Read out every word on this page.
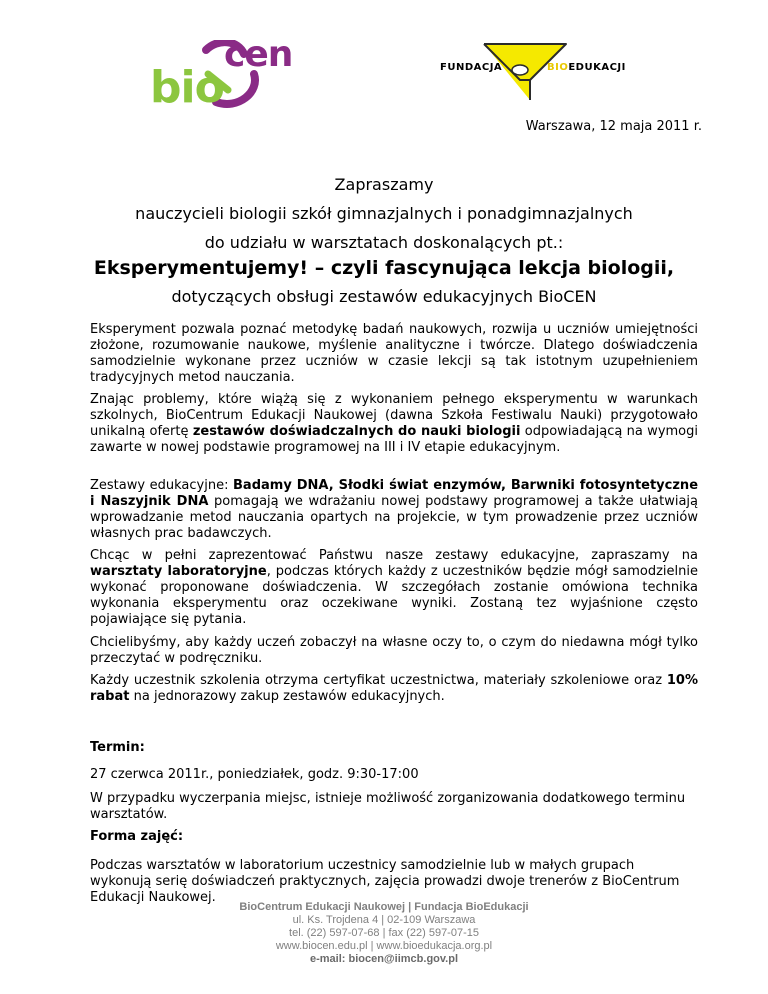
bio
cen	FUNDACJA	BIOEDUKACJI
Warszawa, 12 maja 2011 r.
Zapraszamy
nauczycieli biologii szkół gimnazjalnych i ponadgimnazjalnych
do udziału w warsztatach doskonalących pt.:
Eksperymentujemy! – czyli fascynująca lekcja biologii,
dotyczących obsługi zestawów edukacyjnych BioCEN

Eksperyment pozwala poznać metodykę badań naukowych, rozwija u uczniów umiejętności złożone, rozumowanie naukowe, myślenie analityczne i twórcze. Dlatego doświadczenia samodzielnie wykonane przez uczniów w czasie lekcji są tak istotnym uzupełnieniem tradycyjnych metod nauczania.

Znając problemy, które wiążą się z wykonaniem pełnego eksperymentu w warunkach szkolnych, BioCentrum Edukacji Naukowej (dawna Szkoła Festiwalu Nauki) przygotowało unikalną ofertę zestawów doświadczalnych do nauki biologii odpowiadającą na wymogi zawarte w nowej podstawie programowej na III i IV etapie edukacyjnym.

Zestawy edukacyjne: Badamy DNA, Słodki świat enzymów, Barwniki fotosyntetyczne i Naszyjnik DNA pomagają we wdrażaniu nowej podstawy programowej a także ułatwiają wprowadzanie metod nauczania opartych na projekcie, w tym prowadzenie przez uczniów własnych prac badawczych.

Chcąc w pełni zaprezentować Państwu nasze zestawy edukacyjne, zapraszamy na warsztaty laboratoryjne, podczas których każdy z uczestników będzie mógł samodzielnie wykonać proponowane doświadczenia. W szczegółach zostanie omówiona technika wykonania eksperymentu oraz oczekiwane wyniki. Zostaną tez wyjaśnione często pojawiające się pytania.

Chcielibyśmy, aby każdy uczeń zobaczył na własne oczy to, o czym do niedawna mógł tylko przeczytać w podręczniku.

Każdy uczestnik szkolenia otrzyma certyfikat uczestnictwa, materiały szkoleniowe oraz 10% rabat na jednorazowy zakup zestawów edukacyjnych.

Termin:

27 czerwca 2011r., poniedziałek, godz. 9:30-17:00

W przypadku wyczerpania miejsc, istnieje możliwość zorganizowania dodatkowego terminu warsztatów.

Forma zajęć:

Podczas warsztatów w laboratorium uczestnicy samodzielnie lub w małych grupach wykonują serię doświadczeń praktycznych, zajęcia prowadzi dwoje trenerów z BioCentrum Edukacji Naukowej.

BioCentrum Edukacji Naukowej | Fundacja BioEdukacji
ul. Ks. Trojdena 4 | 02-109 Warszawa
tel. (22) 597-07-68 | fax (22) 597-07-15
www.biocen.edu.pl | www.bioedukacja.org.pl
e-mail: biocen@iimcb.gov.pl
